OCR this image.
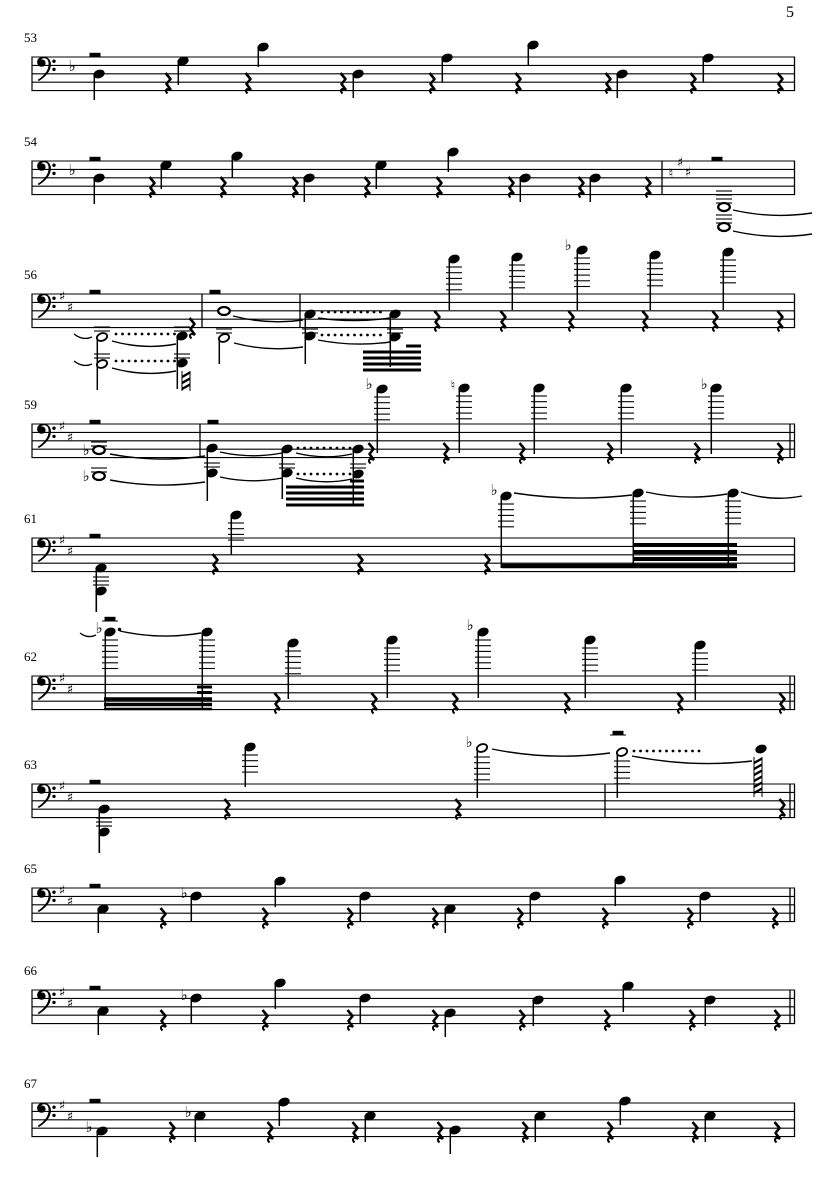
5
♭
♭	♮
♯
♯
♯
♯
♭
♯
♯
♭
♭
♭	♮	♭
♯
♯
♭
♯
♯
♭	♭
♯
♯
♭
♯
♯	♭
♯
♯	♭
♯
♯
♭
♭
53
54
56
59
61
62
63
65
66
67
